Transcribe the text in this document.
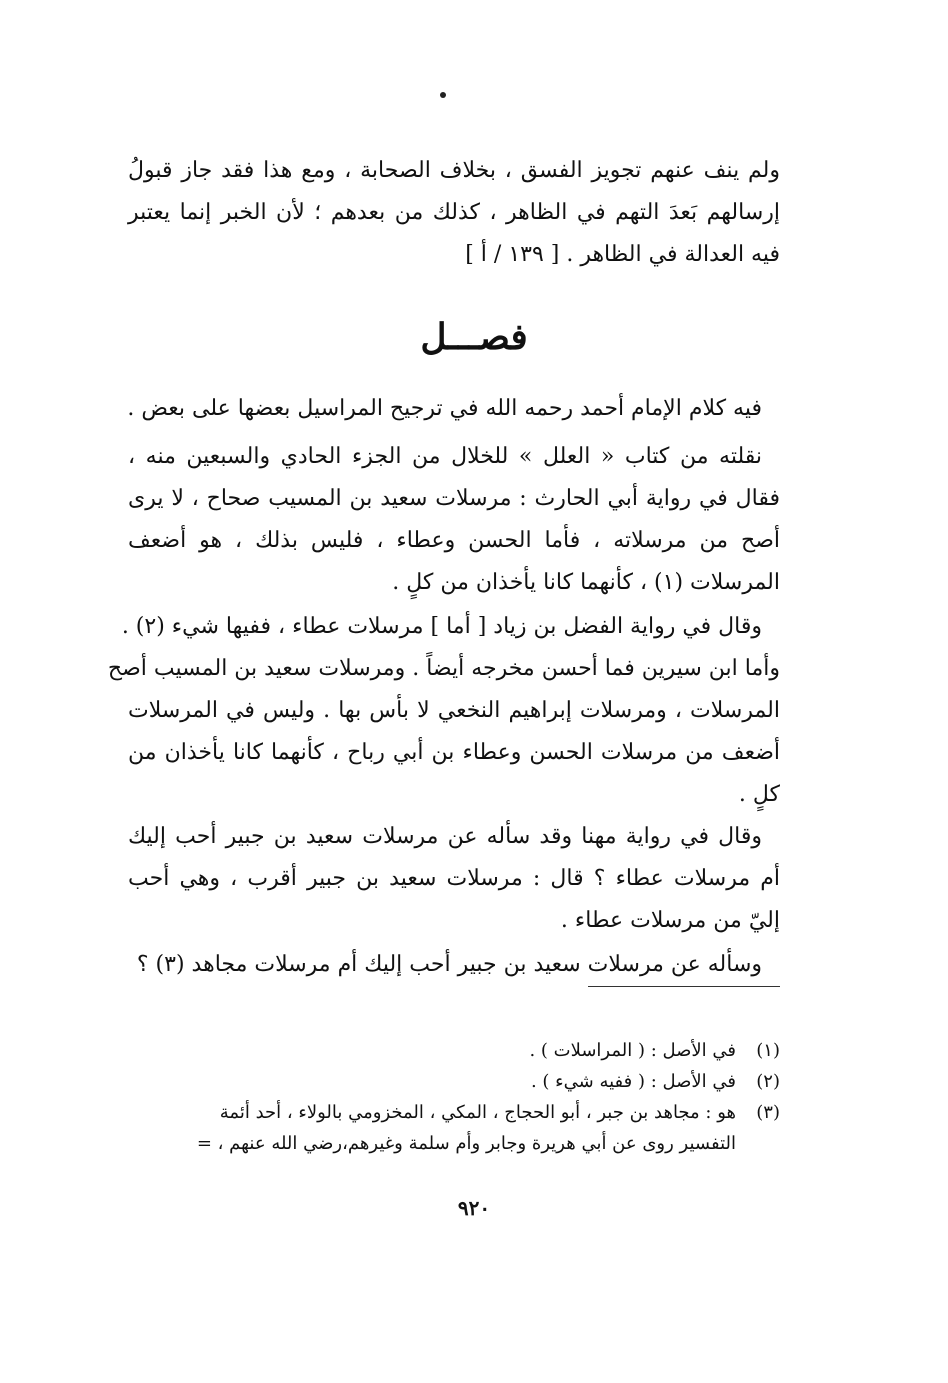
ولم ينف عنهم تجويز الفسق ، بخلاف الصحابة ، ومع هذا فقد جاز قبولُ
إرسالهم بَعدَ التهم في الظاهر ، كذلك من بعدهم ؛ لأن الخبر إنما يعتبر
فيه العدالة في الظاهر . [ ١٣٩ / أ ]
فصـــل
فيه كلام الإمام أحمد رحمه الله في ترجيح المراسيل بعضها على بعض .
نقلته من كتاب « العلل » للخلال من الجزء الحادي والسبعين منه ،
فقال في رواية أبي الحارث : مرسلات سعيد بن المسيب صحاح ، لا يرى
أصح من مرسلاته ، فأما الحسن وعطاء ، فليس بذلك ، هو أضعف
المرسلات (١) ، كأنهما كانا يأخذان من كلٍ .
وقال في رواية الفضل بن زياد [ أما ] مرسلات عطاء ، ففيها شيء (٢) .
وأما ابن سيرين فما أحسن مخرجه أيضاً . ومرسلات سعيد بن المسيب أصح
المرسلات ، ومرسلات إبراهيم النخعي لا بأس بها . وليس في المرسلات
أضعف من مرسلات الحسن وعطاء بن أبي رباح ، كأنهما كانا يأخذان من
كلٍ .
وقال في رواية مهنا وقد سأله عن مرسلات سعيد بن جبير أحب إليك
أم مرسلات عطاء ؟ قال : مرسلات سعيد بن جبير أقرب ، وهي أحب
إليّ من مرسلات عطاء .
وسأله عن مرسلات سعيد بن جبير أحب إليك أم مرسلات مجاهد (٣) ؟
(١)
في الأصل : ( المراسلات ) .
(٢)
في الأصل : ( ففيه شيء ) .
(٣)
هو : مجاهد بن جبر ، أبو الحجاج ، المكي ، المخزومي بالولاء ، أحد أئمة
التفسير روى عن أبي هريرة وجابر وأم سلمة وغيرهم،رضي الله عنهم ، =
٩٢٠
